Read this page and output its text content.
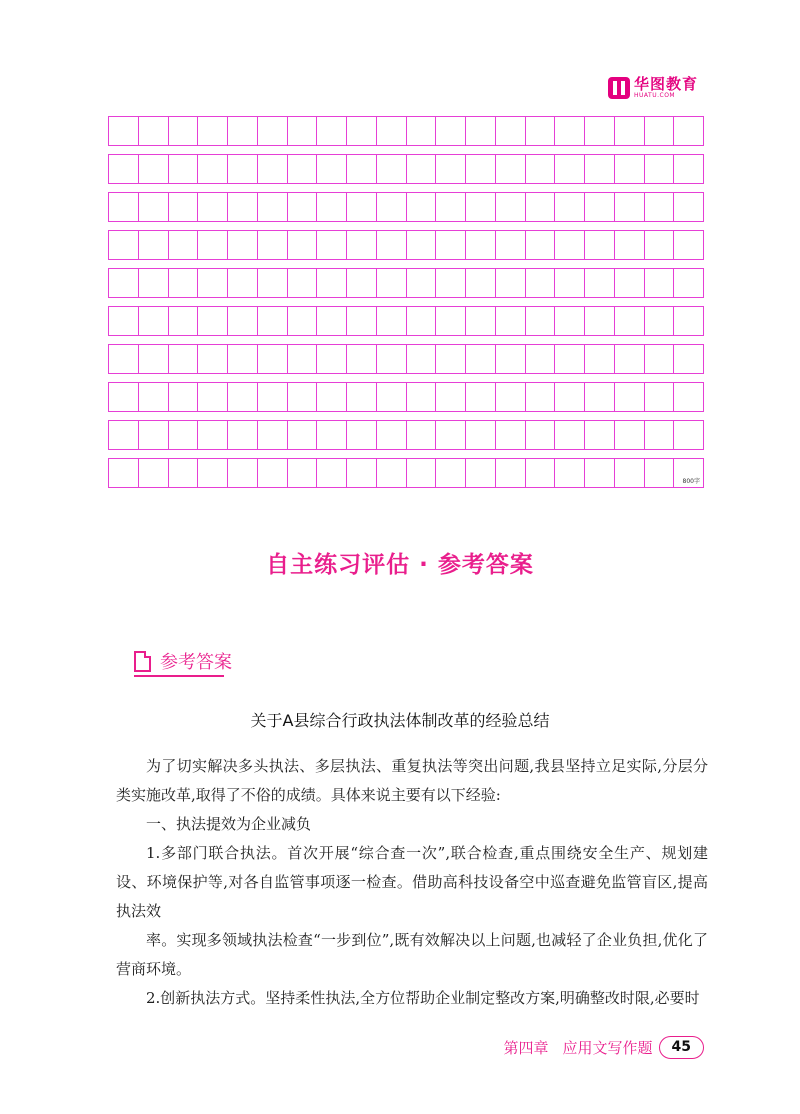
华图教育
HUATU.COM
800字
自主练习评估 · 参考答案
参考答案
关于A县综合行政执法体制改革的经验总结

为了切实解决多头执法、多层执法、重复执法等突出问题,我县坚持立足实际,分层分类实施改革,取得了不俗的成绩。具体来说主要有以下经验:

一、执法提效为企业减负

1.多部门联合执法。首次开展“综合查一次”,联合检查,重点围绕安全生产、规划建设、环境保护等,对各自监管事项逐一检查。借助高科技设备空中巡查避免监管盲区,提高执法效

率。实现多领域执法检查“一步到位”,既有效解决以上问题,也减轻了企业负担,优化了营商环境。

2.创新执法方式。坚持柔性执法,全方位帮助企业制定整改方案,明确整改时限,必要时

第四章 应用文写作题	45
